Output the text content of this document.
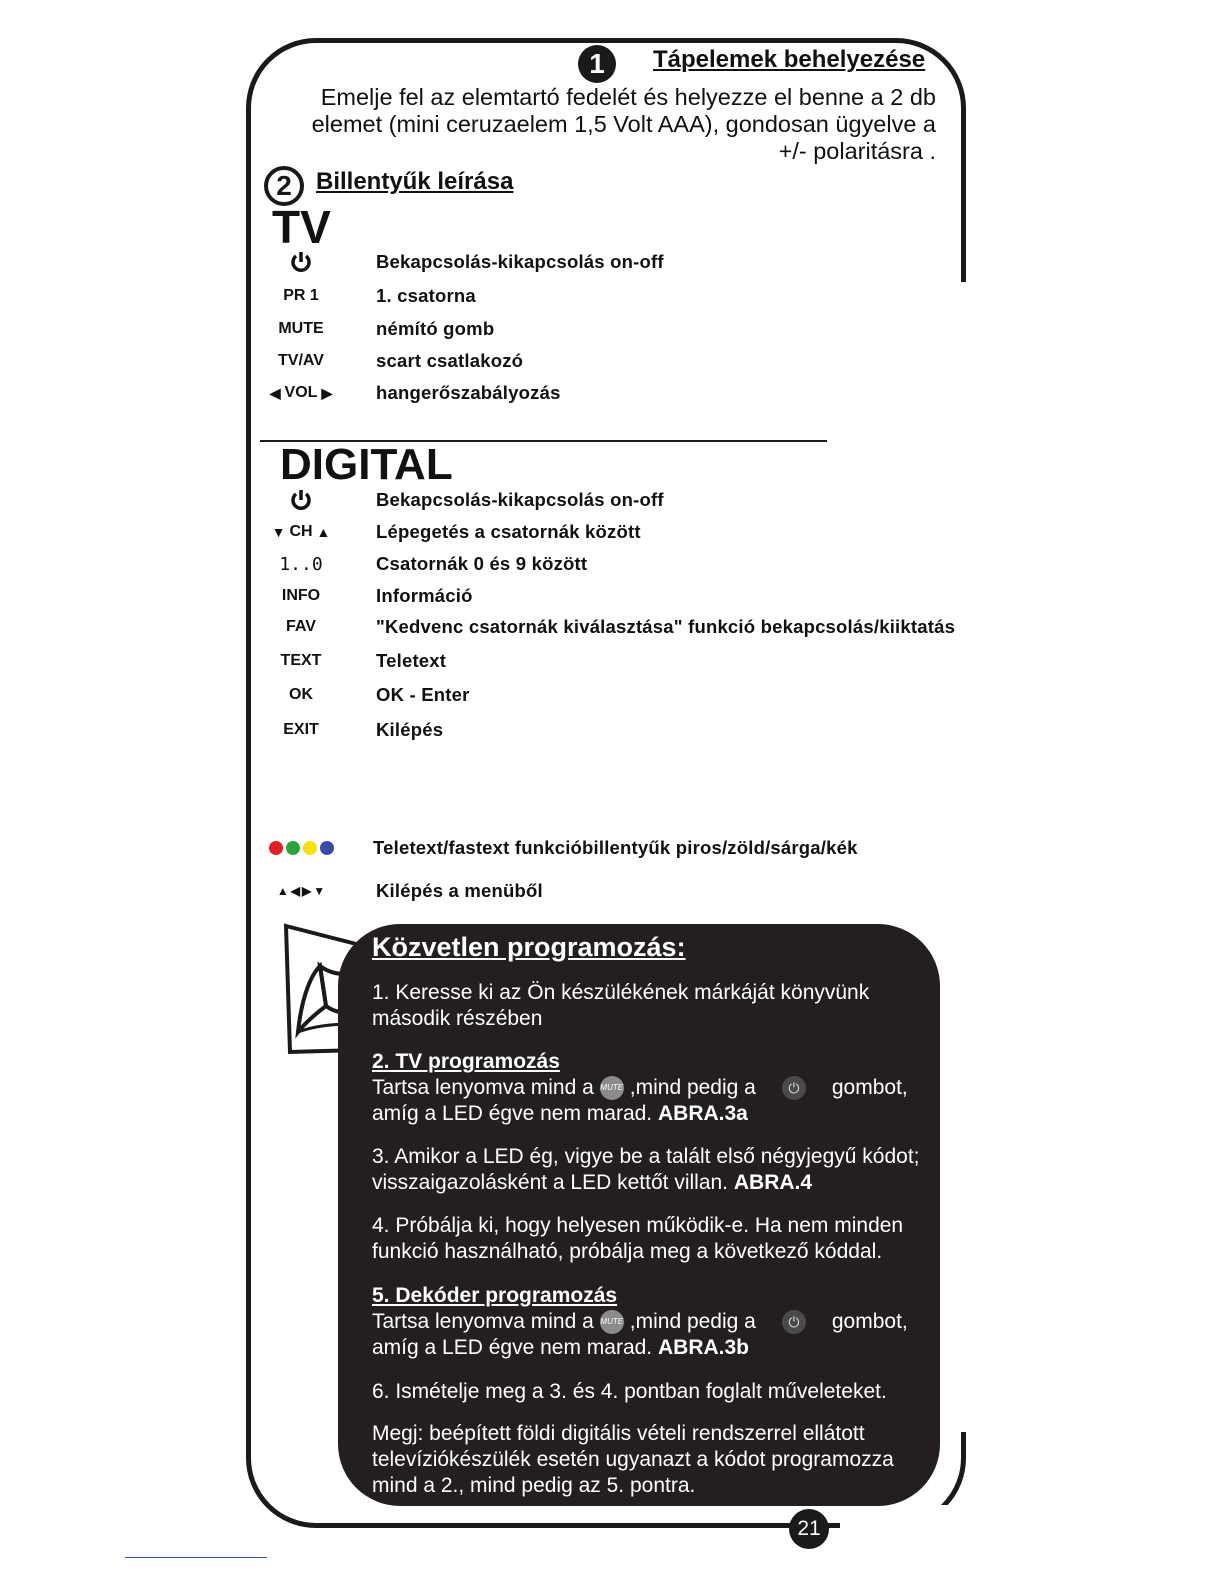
1	Tápelemek behelyezése
Emelje fel az elemtartó fedelét és helyezze el benne a 2 db elemet (mini ceruzaelem 1,5 Volt AAA), gondosan ügyelve a +/- polaritásra .
2	Billentyűk leírása
TV
Bekapcsolás-kikapcsolás on-off
PR 1	1. csatorna
MUTE	némító gomb
TV/AV	scart csatlakozó
◀ VOL ▶ hangerőszabályozás
DIGITAL
Bekapcsolás-kikapcsolás on-off
▼ CH ▲ Lépegetés a csatornák között
1..0	Csatornák 0 és 9 között
INFO	Információ
FAV	"Kedvenc csatornák kiválasztása" funkció bekapcsolás/kiiktatás
TEXT	Teletext
OK	OK - Enter
EXIT	Kilépés
Teletext/fastext funkcióbillentyűk piros/zöld/sárga/kék
▲ ◀ ▶ ▼	Kilépés a menüből
Közvetlen programozás:
1. Keresse ki az Ön készülékének márkáját könyvünk második részében
2. TV programozás
Tartsa lenyomva mind a MUTE ,mind pedig a ⏻ gombot,
amíg a LED égve nem marad. ABRA.3a
3. Amikor a LED ég, vigye be a talált első négyjegyű kódot; visszaigazolásként a LED kettőt villan. ABRA.4
4. Próbálja ki, hogy helyesen működik-e. Ha nem minden funkció használható, próbálja meg a következő kóddal.
5. Dekóder programozás
Tartsa lenyomva mind a MUTE ,mind pedig a ⏻ gombot,
amíg a LED égve nem marad. ABRA.3b
6. Ismételje meg a 3. és 4. pontban foglalt műveleteket.
Megj: beépített földi digitális vételi rendszerrel ellátott televíziókészülék esetén ugyanazt a kódot programozza mind a 2., mind pedig az 5. pontra.
21
